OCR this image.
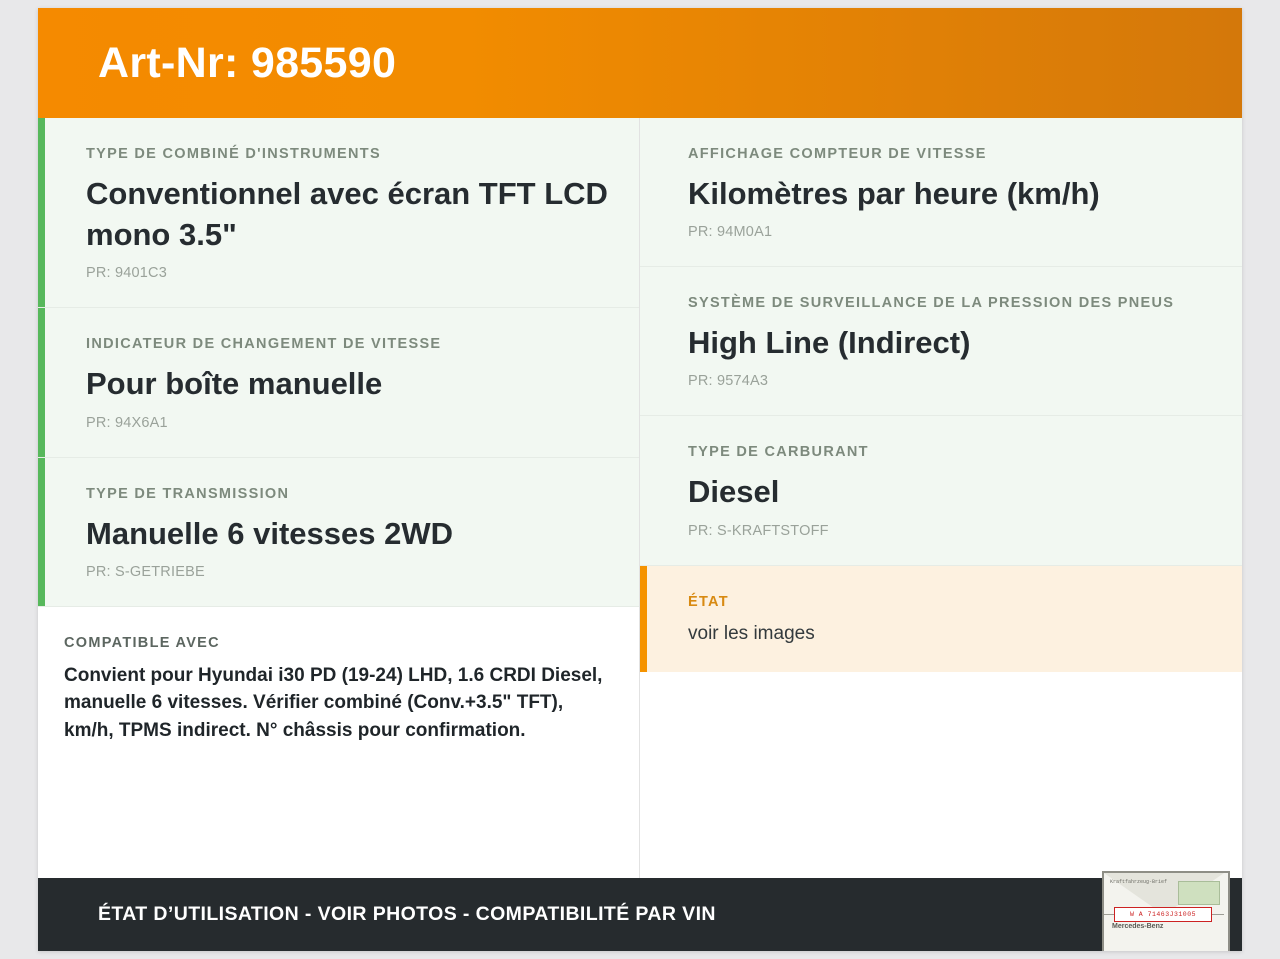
Art-Nr: 985590
TYPE DE COMBINÉ D'INSTRUMENTS
Conventionnel avec écran TFT LCD mono 3.5"
PR: 9401C3
INDICATEUR DE CHANGEMENT DE VITESSE
Pour boîte manuelle
PR: 94X6A1
TYPE DE TRANSMISSION
Manuelle 6 vitesses 2WD
PR: S-GETRIEBE
COMPATIBLE AVEC
Convient pour Hyundai i30 PD (19-24) LHD, 1.6 CRDI Diesel, manuelle 6 vitesses. Vérifier combiné (Conv.+3.5" TFT), km/h, TPMS indirect. N° châssis pour confirmation.
AFFICHAGE COMPTEUR DE VITESSE
Kilomètres par heure (km/h)
PR: 94M0A1
SYSTÈME DE SURVEILLANCE DE LA PRESSION DES PNEUS
High Line (Indirect)
PR: 9574A3
TYPE DE CARBURANT
Diesel
PR: S-KRAFTSTOFF
ÉTAT
voir les images
ÉTAT D’UTILISATION - VOIR PHOTOS - COMPATIBILITÉ PAR VIN
Kraftfahrzeug-Brief
W A 71463J31005
Mercedes-Benz
